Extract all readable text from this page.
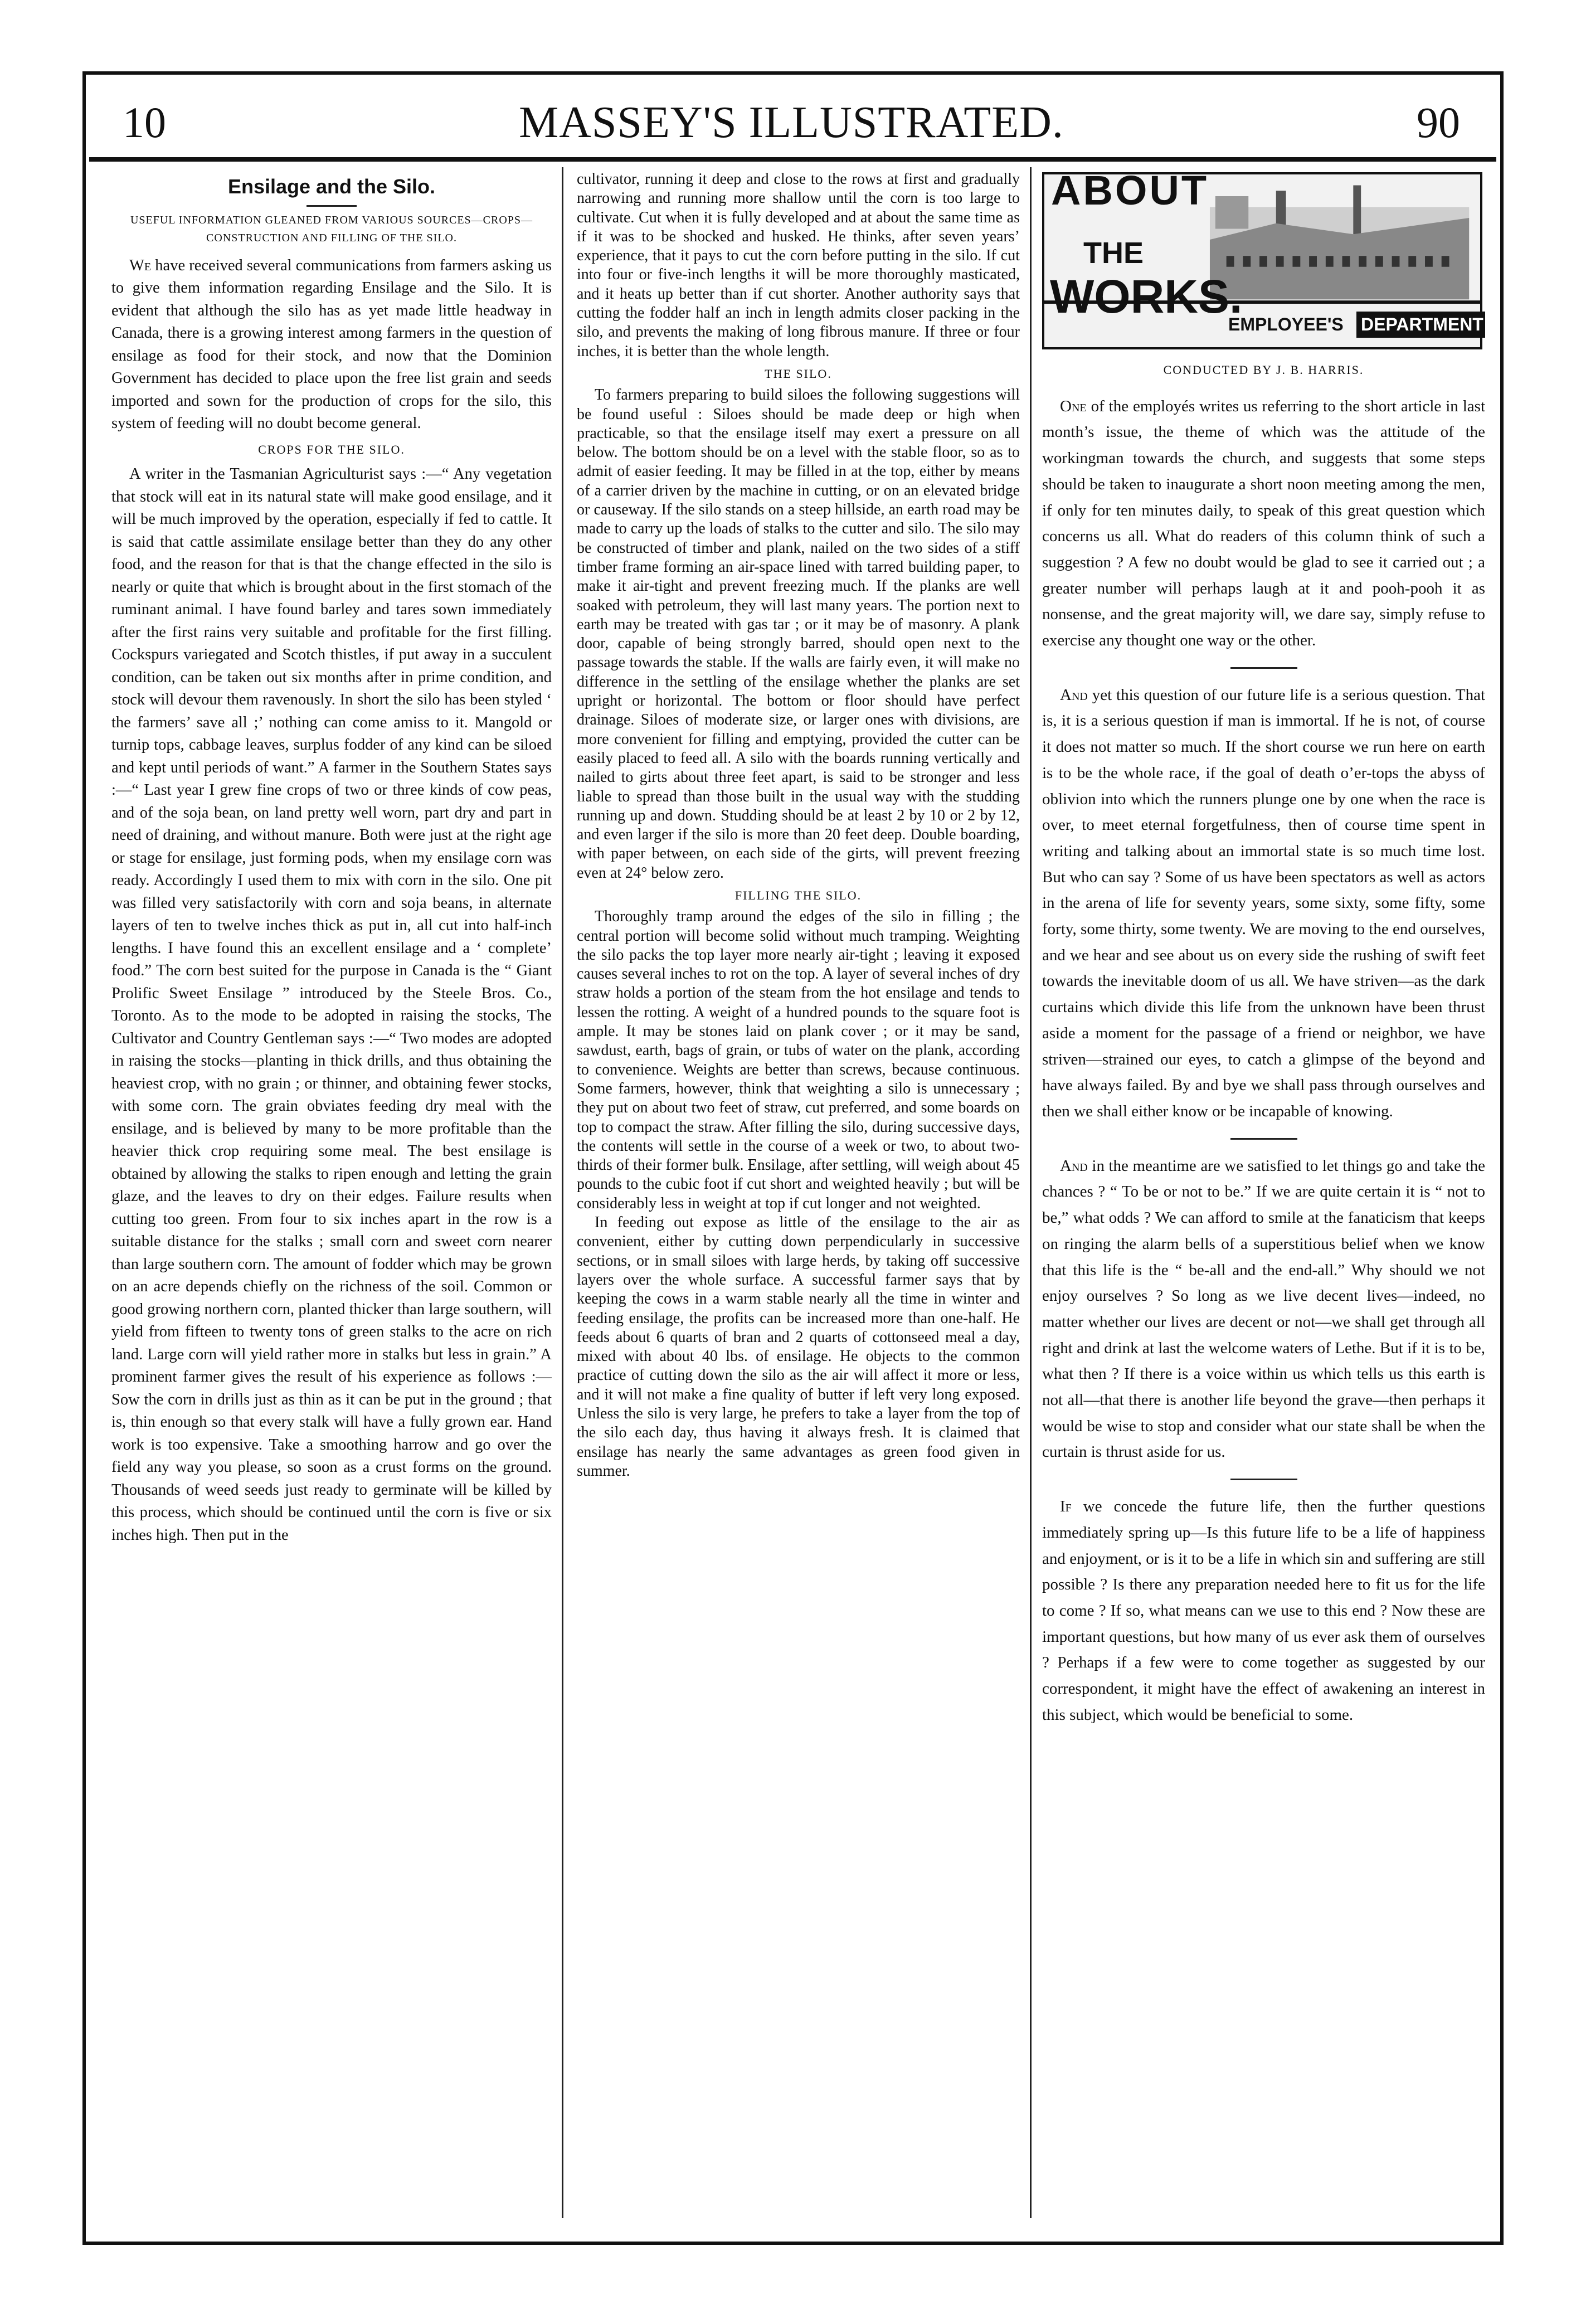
10	MASSEY'S ILLUSTRATED.	90
Ensilage and the Silo.
USEFUL INFORMATION GLEANED FROM VARIOUS SOURCES—CROPS—CONSTRUCTION AND FILLING OF THE SILO.

We have received several communications from farmers asking us to give them information regarding Ensilage and the Silo. It is evident that although the silo has as yet made little headway in Canada, there is a growing interest among farmers in the question of ensilage as food for their stock, and now that the Dominion Government has decided to place upon the free list grain and seeds imported and sown for the production of crops for the silo, this system of feeding will no doubt become general.

CROPS FOR THE SILO.

A writer in the Tasmanian Agriculturist says :—“ Any vegetation that stock will eat in its natural state will make good ensilage, and it will be much improved by the operation, especially if fed to cattle. It is said that cattle assimilate ensilage better than they do any other food, and the reason for that is that the change effected in the silo is nearly or quite that which is brought about in the first stomach of the ruminant animal. I have found barley and tares sown immediately after the first rains very suitable and profitable for the first filling. Cockspurs variegated and Scotch thistles, if put away in a succulent condition, can be taken out six months after in prime condition, and stock will devour them ravenously. In short the silo has been styled ‘ the farmers’ save all ;’ nothing can come amiss to it. Mangold or turnip tops, cabbage leaves, surplus fodder of any kind can be siloed and kept until periods of want.” A farmer in the Southern States says :—“ Last year I grew fine crops of two or three kinds of cow peas, and of the soja bean, on land pretty well worn, part dry and part in need of draining, and without manure. Both were just at the right age or stage for ensilage, just forming pods, when my ensilage corn was ready. Accordingly I used them to mix with corn in the silo. One pit was filled very satisfactorily with corn and soja beans, in alternate layers of ten to twelve inches thick as put in, all cut into half-inch lengths. I have found this an excellent ensilage and a ‘ complete’ food.” The corn best suited for the purpose in Canada is the “ Giant Prolific Sweet Ensilage ” introduced by the Steele Bros. Co., Toronto. As to the mode to be adopted in raising the stocks, The Cultivator and Country Gentleman says :—“ Two modes are adopted in raising the stocks—planting in thick drills, and thus obtaining the heaviest crop, with no grain ; or thinner, and obtaining fewer stocks, with some corn. The grain obviates feeding dry meal with the ensilage, and is believed by many to be more profitable than the heavier thick crop requiring some meal. The best ensilage is obtained by allowing the stalks to ripen enough and letting the grain glaze, and the leaves to dry on their edges. Failure results when cutting too green. From four to six inches apart in the row is a suitable distance for the stalks ; small corn and sweet corn nearer than large southern corn. The amount of fodder which may be grown on an acre depends chiefly on the richness of the soil. Common or good growing northern corn, planted thicker than large southern, will yield from fifteen to twenty tons of green stalks to the acre on rich land. Large corn will yield rather more in stalks but less in grain.” A prominent farmer gives the result of his experience as follows :—Sow the corn in drills just as thin as it can be put in the ground ; that is, thin enough so that every stalk will have a fully grown ear. Hand work is too expensive. Take a smoothing harrow and go over the field any way you please, so soon as a crust forms on the ground. Thousands of weed seeds just ready to germinate will be killed by this process, which should be continued until the corn is five or six inches high. Then put in the

cultivator, running it deep and close to the rows at first and gradually narrowing and running more shallow until the corn is too large to cultivate. Cut when it is fully developed and at about the same time as if it was to be shocked and husked. He thinks, after seven years’ experience, that it pays to cut the corn before putting in the silo. If cut into four or five-inch lengths it will be more thoroughly masticated, and it heats up better than if cut shorter. Another authority says that cutting the fodder half an inch in length admits closer packing in the silo, and prevents the making of long fibrous manure. If three or four inches, it is better than the whole length.

THE SILO.

To farmers preparing to build siloes the following suggestions will be found useful : Siloes should be made deep or high when practicable, so that the ensilage itself may exert a pressure on all below. The bottom should be on a level with the stable floor, so as to admit of easier feeding. It may be filled in at the top, either by means of a carrier driven by the machine in cutting, or on an elevated bridge or causeway. If the silo stands on a steep hillside, an earth road may be made to carry up the loads of stalks to the cutter and silo. The silo may be constructed of timber and plank, nailed on the two sides of a stiff timber frame forming an air-space lined with tarred building paper, to make it air-tight and prevent freezing much. If the planks are well soaked with petroleum, they will last many years. The portion next to earth may be treated with gas tar ; or it may be of masonry. A plank door, capable of being strongly barred, should open next to the passage towards the stable. If the walls are fairly even, it will make no difference in the settling of the ensilage whether the planks are set upright or horizontal. The bottom or floor should have perfect drainage. Siloes of moderate size, or larger ones with divisions, are more convenient for filling and emptying, provided the cutter can be easily placed to feed all. A silo with the boards running vertically and nailed to girts about three feet apart, is said to be stronger and less liable to spread than those built in the usual way with the studding running up and down. Studding should be at least 2 by 10 or 2 by 12, and even larger if the silo is more than 20 feet deep. Double boarding, with paper between, on each side of the girts, will prevent freezing even at 24° below zero.

FILLING THE SILO.

Thoroughly tramp around the edges of the silo in filling ; the central portion will become solid without much tramping. Weighting the silo packs the top layer more nearly air-tight ; leaving it exposed causes several inches to rot on the top. A layer of several inches of dry straw holds a portion of the steam from the hot ensilage and tends to lessen the rotting. A weight of a hundred pounds to the square foot is ample. It may be stones laid on plank cover ; or it may be sand, sawdust, earth, bags of grain, or tubs of water on the plank, according to convenience. Weights are better than screws, because continuous. Some farmers, however, think that weighting a silo is unnecessary ; they put on about two feet of straw, cut preferred, and some boards on top to compact the straw. After filling the silo, during successive days, the contents will settle in the course of a week or two, to about two-thirds of their former bulk. Ensilage, after settling, will weigh about 45 pounds to the cubic foot if cut short and weighted heavily ; but will be considerably less in weight at top if cut longer and not weighted.

In feeding out expose as little of the ensilage to the air as convenient, either by cutting down perpendicularly in successive sections, or in small siloes with large herds, by taking off successive layers over the whole surface. A successful farmer says that by keeping the cows in a warm stable nearly all the time in winter and feeding ensilage, the profits can be increased more than one-half. He feeds about 6 quarts of bran and 2 quarts of cottonseed meal a day, mixed with about 40 lbs. of ensilage. He objects to the common practice of cutting down the silo as the air will affect it more or less, and it will not make a fine quality of butter if left very long exposed. Unless the silo is very large, he prefers to take a layer from the top of the silo each day, thus having it always fresh. It is claimed that ensilage has nearly the same advantages as green food given in summer.

ABOUT
THE
WORKS.
EMPLOYEE'S DEPARTMENT
CONDUCTED BY J. B. HARRIS.

One of the employés writes us referring to the short article in last month’s issue, the theme of which was the attitude of the workingman towards the church, and suggests that some steps should be taken to inaugurate a short noon meeting among the men, if only for ten minutes daily, to speak of this great question which concerns us all. What do readers of this column think of such a suggestion ? A few no doubt would be glad to see it carried out ; a greater number will perhaps laugh at it and pooh-pooh it as nonsense, and the great majority will, we dare say, simply refuse to exercise any thought one way or the other.

And yet this question of our future life is a serious question. That is, it is a serious question if man is immortal. If he is not, of course it does not matter so much. If the short course we run here on earth is to be the whole race, if the goal of death o’er-tops the abyss of oblivion into which the runners plunge one by one when the race is over, to meet eternal forgetfulness, then of course time spent in writing and talking about an immortal state is so much time lost. But who can say ? Some of us have been spectators as well as actors in the arena of life for seventy years, some sixty, some fifty, some forty, some thirty, some twenty. We are moving to the end ourselves, and we hear and see about us on every side the rushing of swift feet towards the inevitable doom of us all. We have striven—as the dark curtains which divide this life from the unknown have been thrust aside a moment for the passage of a friend or neighbor, we have striven—strained our eyes, to catch a glimpse of the beyond and have always failed. By and bye we shall pass through ourselves and then we shall either know or be incapable of knowing.

And in the meantime are we satisfied to let things go and take the chances ? “ To be or not to be.” If we are quite certain it is “ not to be,” what odds ? We can afford to smile at the fanaticism that keeps on ringing the alarm bells of a superstitious belief when we know that this life is the “ be-all and the end-all.” Why should we not enjoy ourselves ? So long as we live decent lives—indeed, no matter whether our lives are decent or not—we shall get through all right and drink at last the welcome waters of Lethe. But if it is to be, what then ? If there is a voice within us which tells us this earth is not all—that there is another life beyond the grave—then perhaps it would be wise to stop and consider what our state shall be when the curtain is thrust aside for us.

If we concede the future life, then the further questions immediately spring up—Is this future life to be a life of happiness and enjoyment, or is it to be a life in which sin and suffering are still possible ? Is there any preparation needed here to fit us for the life to come ? If so, what means can we use to this end ? Now these are important questions, but how many of us ever ask them of ourselves ? Perhaps if a few were to come together as suggested by our correspondent, it might have the effect of awakening an interest in this subject, which would be beneficial to some.
